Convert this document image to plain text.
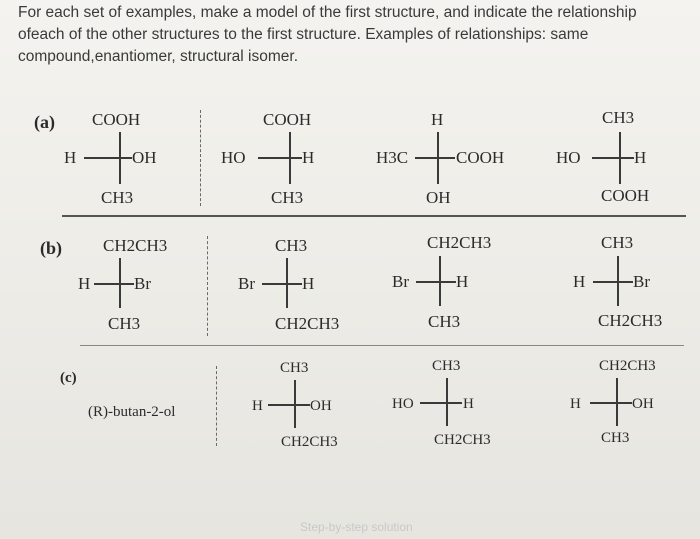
For each set of examples, make a model of the first structure, and indicate the relationship
ofeach of the other structures to the first structure. Examples of relationships: same
compound,enantiomer, structural isomer.
(a) COOH
H	OH
CH3
COOH
HO	H
CH3
H
H3C	COOH
OH
CH3
HO	H
COOH
(b) CH2CH3
H	Br
CH3
CH3
Br	H
CH2CH3
CH2CH3
Br	H
CH3
CH3
H	Br
CH2CH3
(c)
(R)-butan-2-ol
CH3
H	OH
CH2CH3
CH3
HO	H
CH2CH3
CH2CH3
H	OH
CH3
Step-by-step solution
